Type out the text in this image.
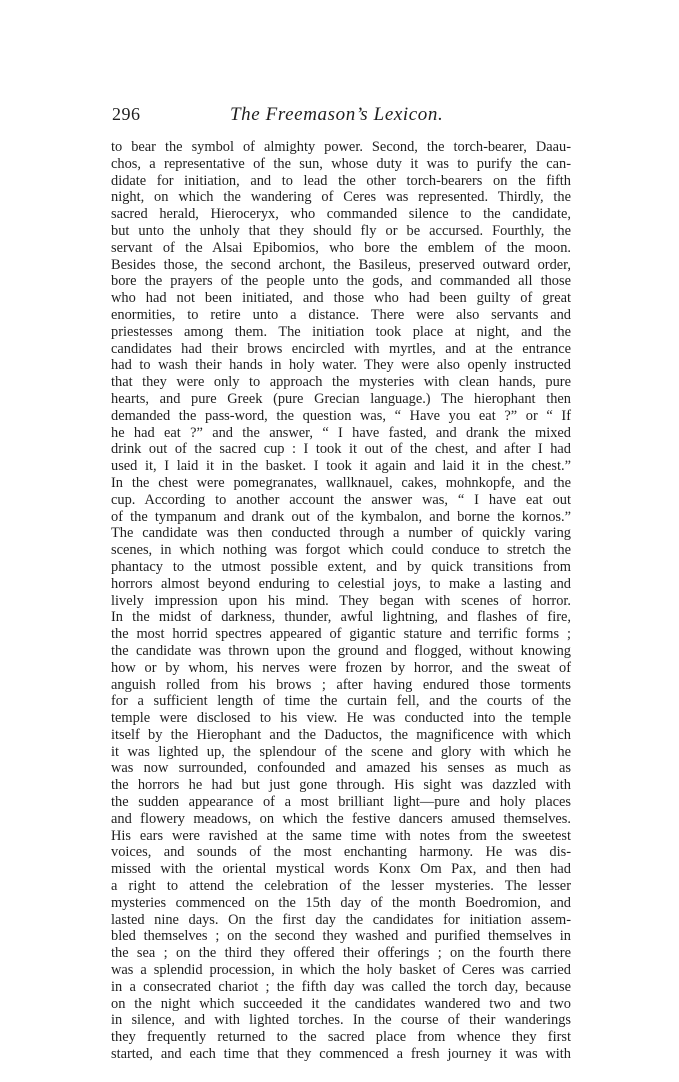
296	The Freemason’s Lexicon.
to bear the symbol of almighty power. Second, the torch-bearer, Daau-
chos, a representative of the sun, whose duty it was to purify the can-
didate for initiation, and to lead the other torch-bearers on the fifth
night, on which the wandering of Ceres was represented. Thirdly, the
sacred herald, Hieroceryx, who commanded silence to the candidate,
but unto the unholy that they should fly or be accursed. Fourthly, the
servant of the Alsai Epibomios, who bore the emblem of the moon.
Besides those, the second archont, the Basileus, preserved outward order,
bore the prayers of the people unto the gods, and commanded all those
who had not been initiated, and those who had been guilty of great
enormities, to retire unto a distance. There were also servants and
priestesses among them. The initiation took place at night, and the
candidates had their brows encircled with myrtles, and at the entrance
had to wash their hands in holy water. They were also openly instructed
that they were only to approach the mysteries with clean hands, pure
hearts, and pure Greek (pure Grecian language.) The hierophant then
demanded the pass-word, the question was, “ Have you eat ?” or “ If
he had eat ?” and the answer, “ I have fasted, and drank the mixed
drink out of the sacred cup : I took it out of the chest, and after I had
used it, I laid it in the basket. I took it again and laid it in the chest.”
In the chest were pomegranates, wallknauel, cakes, mohnkopfe, and the
cup. According to another account the answer was, “ I have eat out
of the tympanum and drank out of the kymbalon, and borne the kornos.”
The candidate was then conducted through a number of quickly varing
scenes, in which nothing was forgot which could conduce to stretch the
phantacy to the utmost possible extent, and by quick transitions from
horrors almost beyond enduring to celestial joys, to make a lasting and
lively impression upon his mind. They began with scenes of horror.
In the midst of darkness, thunder, awful lightning, and flashes of fire,
the most horrid spectres appeared of gigantic stature and terrific forms ;
the candidate was thrown upon the ground and flogged, without knowing
how or by whom, his nerves were frozen by horror, and the sweat of
anguish rolled from his brows ; after having endured those torments
for a sufficient length of time the curtain fell, and the courts of the
temple were disclosed to his view. He was conducted into the temple
itself by the Hierophant and the Daductos, the magnificence with which
it was lighted up, the splendour of the scene and glory with which he
was now surrounded, confounded and amazed his senses as much as
the horrors he had but just gone through. His sight was dazzled with
the sudden appearance of a most brilliant light—pure and holy places
and flowery meadows, on which the festive dancers amused themselves.
His ears were ravished at the same time with notes from the sweetest
voices, and sounds of the most enchanting harmony. He was dis-
missed with the oriental mystical words Konx Om Pax, and then had
a right to attend the celebration of the lesser mysteries. The lesser
mysteries commenced on the 15th day of the month Boedromion, and
lasted nine days. On the first day the candidates for initiation assem-
bled themselves ; on the second they washed and purified themselves in
the sea ; on the third they offered their offerings ; on the fourth there
was a splendid procession, in which the holy basket of Ceres was carried
in a consecrated chariot ; the fifth day was called the torch day, because
on the night which succeeded it the candidates wandered two and two
in silence, and with lighted torches. In the course of their wanderings
they frequently returned to the sacred place from whence they first
started, and each time that they commenced a fresh journey it was with
